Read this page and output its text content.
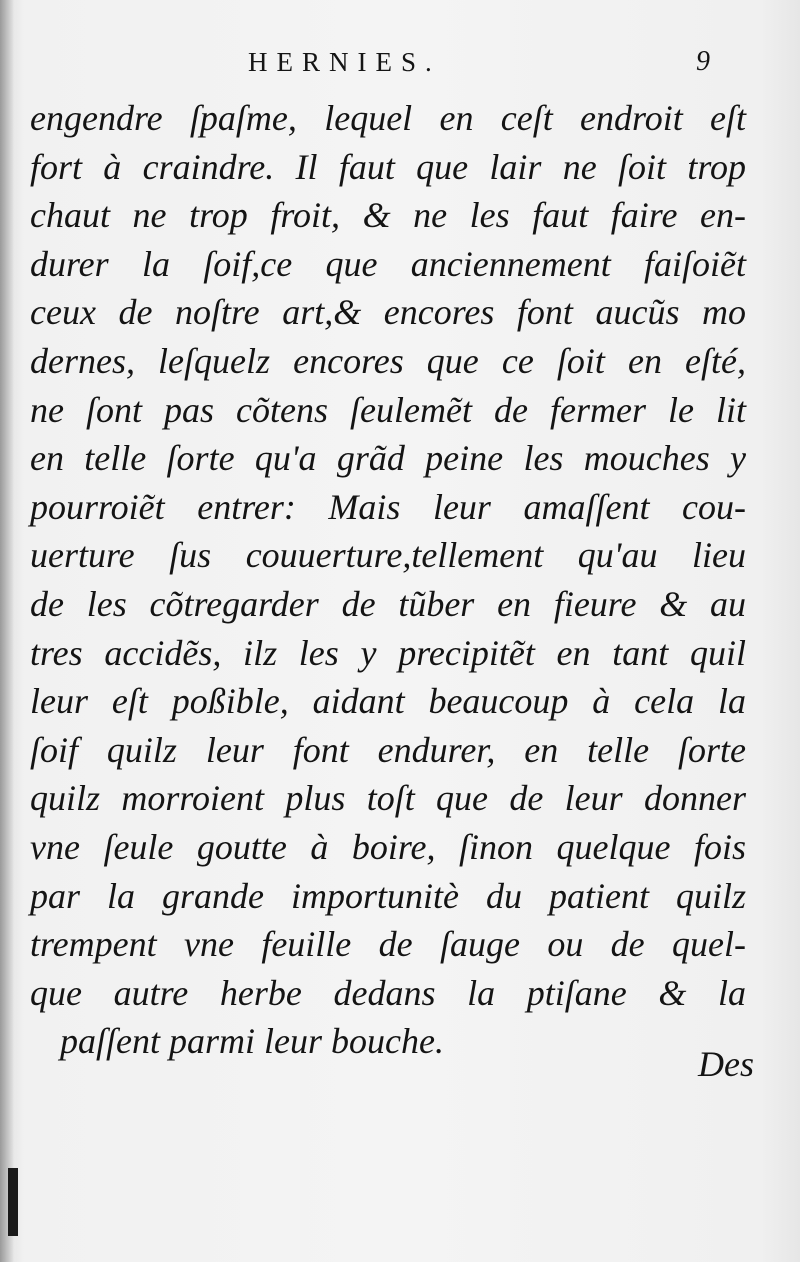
HERNIES.	9
engendre ſpaſme, lequel en ceſt endroit eſt
fort à craindre. Il faut que lair ne ſoit trop
chaut ne trop froit, & ne les faut faire en-
durer la ſoif,ce que anciennement faiſoiẽt
ceux de noſtre art,& encores font aucũs mo
dernes, leſquelz encores que ce ſoit en eſté,
ne ſont pas cõtens ſeulemẽt de fermer le lit
en telle ſorte qu'a grãd peine les mouches y
pourroiẽt entrer: Mais leur amaſſent cou-
uerture ſus couuerture,tellement qu'au lieu
de les cõtregarder de tũber en fieure & au
tres accidẽs, ilz les y precipitẽt en tant quil
leur eſt poßible, aidant beaucoup à cela la
ſoif quilz leur font endurer, en telle ſorte
quilz morroient plus toſt que de leur donner
vne ſeule goutte à boire, ſinon quelque fois
par la grande importunitè du patient quilz
trempent vne feuille de ſauge ou de quel-
que autre herbe dedans la ptiſane & la
paſſent parmi leur bouche.
Des
